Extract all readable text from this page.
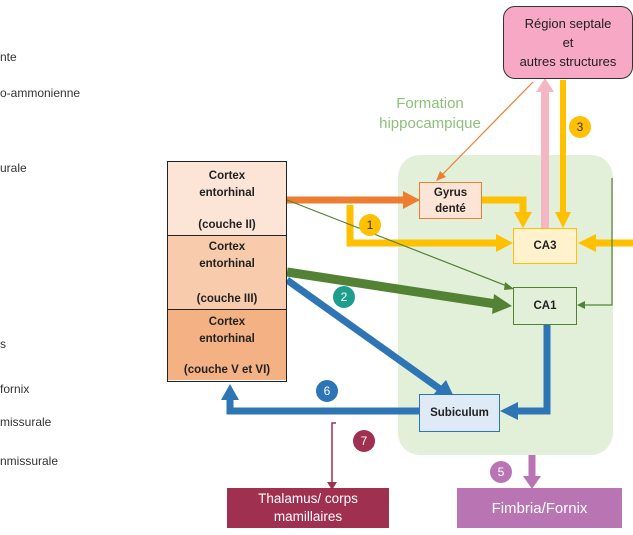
nte
o-ammonienne
urale
s
fornix
missurale
nmissurale
Formation
hippocampique
1
2
3
5
6
7
Région septale
et
autres structures
Cortex
entorhinal
(couche II)
Cortex
entorhinal
(couche III)
Cortex
entorhinal
(couche V et VI)
Gyrus
denté
CA3
CA1
Subiculum
Thalamus/ corps
mamillaires	Fimbria/Fornix
